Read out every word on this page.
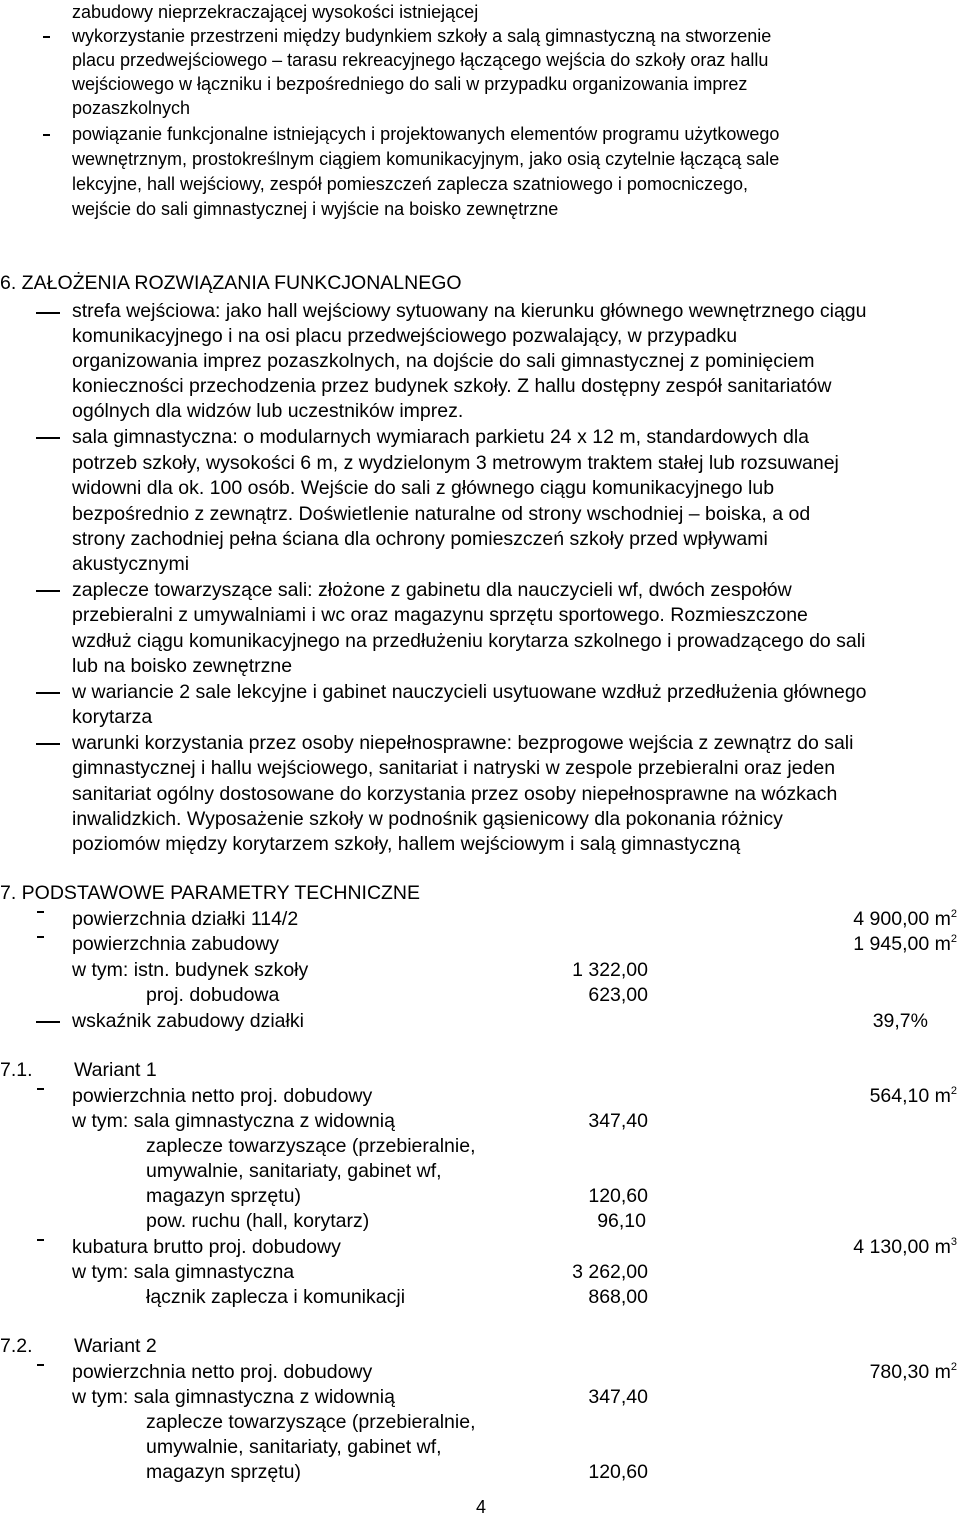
zabudowy nieprzekraczającej wysokości istniejącej
wykorzystanie przestrzeni między budynkiem szkoły a salą gimnastyczną na stworzenie
placu przedwejściowego – tarasu rekreacyjnego łączącego wejścia do szkoły oraz hallu
wejściowego w łączniku i bezpośredniego do sali w przypadku organizowania imprez
pozaszkolnych
powiązanie funkcjonalne istniejących i projektowanych elementów programu użytkowego
wewnętrznym, prostokreślnym ciągiem komunikacyjnym, jako osią czytelnie łączącą sale
lekcyjne, hall wejściowy, zespół pomieszczeń zaplecza szatniowego i pomocniczego,
wejście do sali gimnastycznej i wyjście na boisko zewnętrzne
6. ZAŁOŻENIA ROZWIĄZANIA FUNKCJONALNEGO
strefa wejściowa: jako hall wejściowy sytuowany na kierunku głównego wewnętrznego ciągu
komunikacyjnego i na osi placu przedwejściowego pozwalający, w przypadku
organizowania imprez pozaszkolnych, na dojście do sali gimnastycznej z pominięciem
konieczności przechodzenia przez budynek szkoły. Z hallu dostępny zespół sanitariatów
ogólnych dla widzów lub uczestników imprez.
sala gimnastyczna: o modularnych wymiarach parkietu 24 x 12 m, standardowych dla
potrzeb szkoły, wysokości 6 m, z wydzielonym 3 metrowym traktem stałej lub rozsuwanej
widowni dla ok. 100 osób. Wejście do sali z głównego ciągu komunikacyjnego lub
bezpośrednio z zewnątrz. Doświetlenie naturalne od strony wschodniej – boiska, a od
strony zachodniej pełna ściana dla ochrony pomieszczeń szkoły przed wpływami
akustycznymi
zaplecze towarzyszące sali: złożone z gabinetu dla nauczycieli wf, dwóch zespołów
przebieralni z umywalniami i wc oraz magazynu sprzętu sportowego. Rozmieszczone
wzdłuż ciągu komunikacyjnego na przedłużeniu korytarza szkolnego i prowadzącego do sali
lub na boisko zewnętrzne
w wariancie 2 sale lekcyjne i gabinet nauczycieli usytuowane wzdłuż przedłużenia głównego
korytarza
warunki korzystania przez osoby niepełnosprawne: bezprogowe wejścia z zewnątrz do sali
gimnastycznej i hallu wejściowego, sanitariat i natryski w zespole przebieralni oraz jeden
sanitariat ogólny dostosowane do korzystania przez osoby niepełnosprawne na wózkach
inwalidzkich. Wyposażenie szkoły w podnośnik gąsienicowy dla pokonania różnicy
poziomów między korytarzem szkoły, hallem wejściowym i salą gimnastyczną
7. PODSTAWOWE PARAMETRY TECHNICZNE
powierzchnia działki 114/2	4 900,00 $m^2$
powierzchnia zabudowy	1 945,00 $m^2$
w tym: istn. budynek szkoły	1 322,00
proj. dobudowa	623,00
wskaźnik zabudowy działki	39,7%
7.1. Wariant 1
powierzchnia netto proj. dobudowy	564,10 $m^2$
w tym: sala gimnastyczna z widownią	347,40
zaplecze towarzyszące (przebieralnie,
umywalnie, sanitariaty, gabinet wf,
magazyn sprzętu)	120,60
pow. ruchu (hall, korytarz)	96,10
kubatura brutto proj. dobudowy	4 130,00 $m^3$
w tym: sala gimnastyczna	3 262,00
łącznik zaplecza i komunikacji	868,00
7.2. Wariant 2
powierzchnia netto proj. dobudowy	780,30 $m^2$
w tym: sala gimnastyczna z widownią	347,40
zaplecze towarzyszące (przebieralnie,
umywalnie, sanitariaty, gabinet wf,
magazyn sprzętu)	120,60
4
